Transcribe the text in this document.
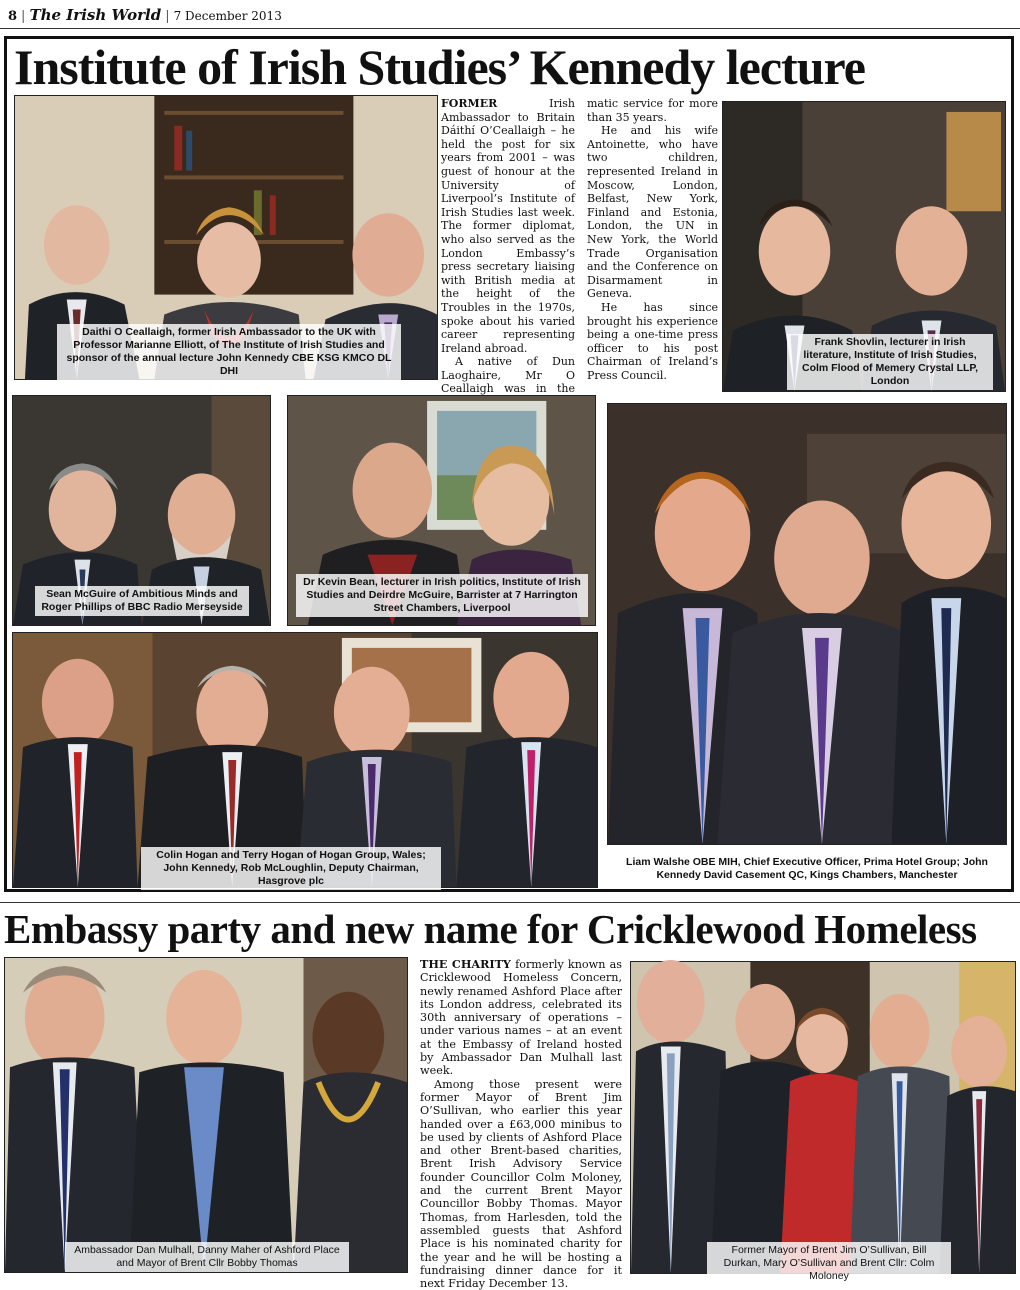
8 | The Irish World | 7 December 2013
Institute of Irish Studies’ Kennedy lecture
Daithi O Ceallaigh, former Irish Ambassador to the UK with Professor Marianne Elliott, of The Institute of Irish Studies and sponsor of the annual lecture John Kennedy CBE KSG KMCO DL DHI

FORMER	Irish Ambassador to Britain Dáithí O’Ceallaigh – he held the post for six years from 2001 – was guest of honour at the University of Liverpool’s Institute of Irish Studies last week. The former diplomat, who also served as the London Embassy’s press secretary liaising with British media at the height of the Troubles in the 1970s, spoke about his varied career representing Ireland abroad.

A native of Dun Laoghaire, Mr O Ceallaigh was in the

matic service for more than 35 years.

He and his wife Antoinette, who have two children, represented Ireland in Moscow, London, Belfast, New York, Finland and Estonia, London, the UN in New York, the World Trade Organisation and the Conference on Disarmament in Geneva.

He has since brought his experience being a one-time press officer to his post Chairman of Ireland’s Press Council.

Frank Shovlin, lecturer in Irish literature, Institute of Irish Studies, Colm Flood of Memery Crystal LLP, London
Sean McGuire of Ambitious Minds and Roger Phillips of BBC Radio Merseyside
Dr Kevin Bean, lecturer in Irish politics, Institute of Irish Studies and Deirdre McGuire, Barrister at 7 Harrington Street Chambers, Liverpool
Liam Walshe OBE MIH, Chief Executive Officer, Prima Hotel Group; John Kennedy David Casement QC, Kings Chambers, Manchester
Colin Hogan and Terry Hogan of Hogan Group, Wales; John Kennedy, Rob McLoughlin, Deputy Chairman, Hasgrove plc
Embassy party and new name for Cricklewood Homeless
Ambassador Dan Mulhall, Danny Maher of Ashford Place and Mayor of Brent Cllr Bobby Thomas

THE CHARITY formerly known as Cricklewood Homeless Concern, newly renamed Ashford Place after its London address, celebrated its 30th anniversary of operations – under various names – at an event at the Embassy of Ireland hosted by Ambassador Dan Mulhall last week.

Among those present were former Mayor of Brent Jim O’Sullivan, who earlier this year handed over a £63,000 minibus to be used by clients of Ashford Place and other Brent-based charities, Brent Irish Advisory Service founder Councillor Colm Moloney, and the current Brent Mayor Councillor Bobby Thomas. Mayor Thomas, from Harlesden, told the assembled guests that Ashford Place is his nominated charity for the year and he will be hosting a fundraising dinner dance for it next Friday December 13.

Former Mayor of Brent Jim O’Sullivan, Bill Durkan, Mary O’Sullivan and Brent Cllr: Colm Moloney
